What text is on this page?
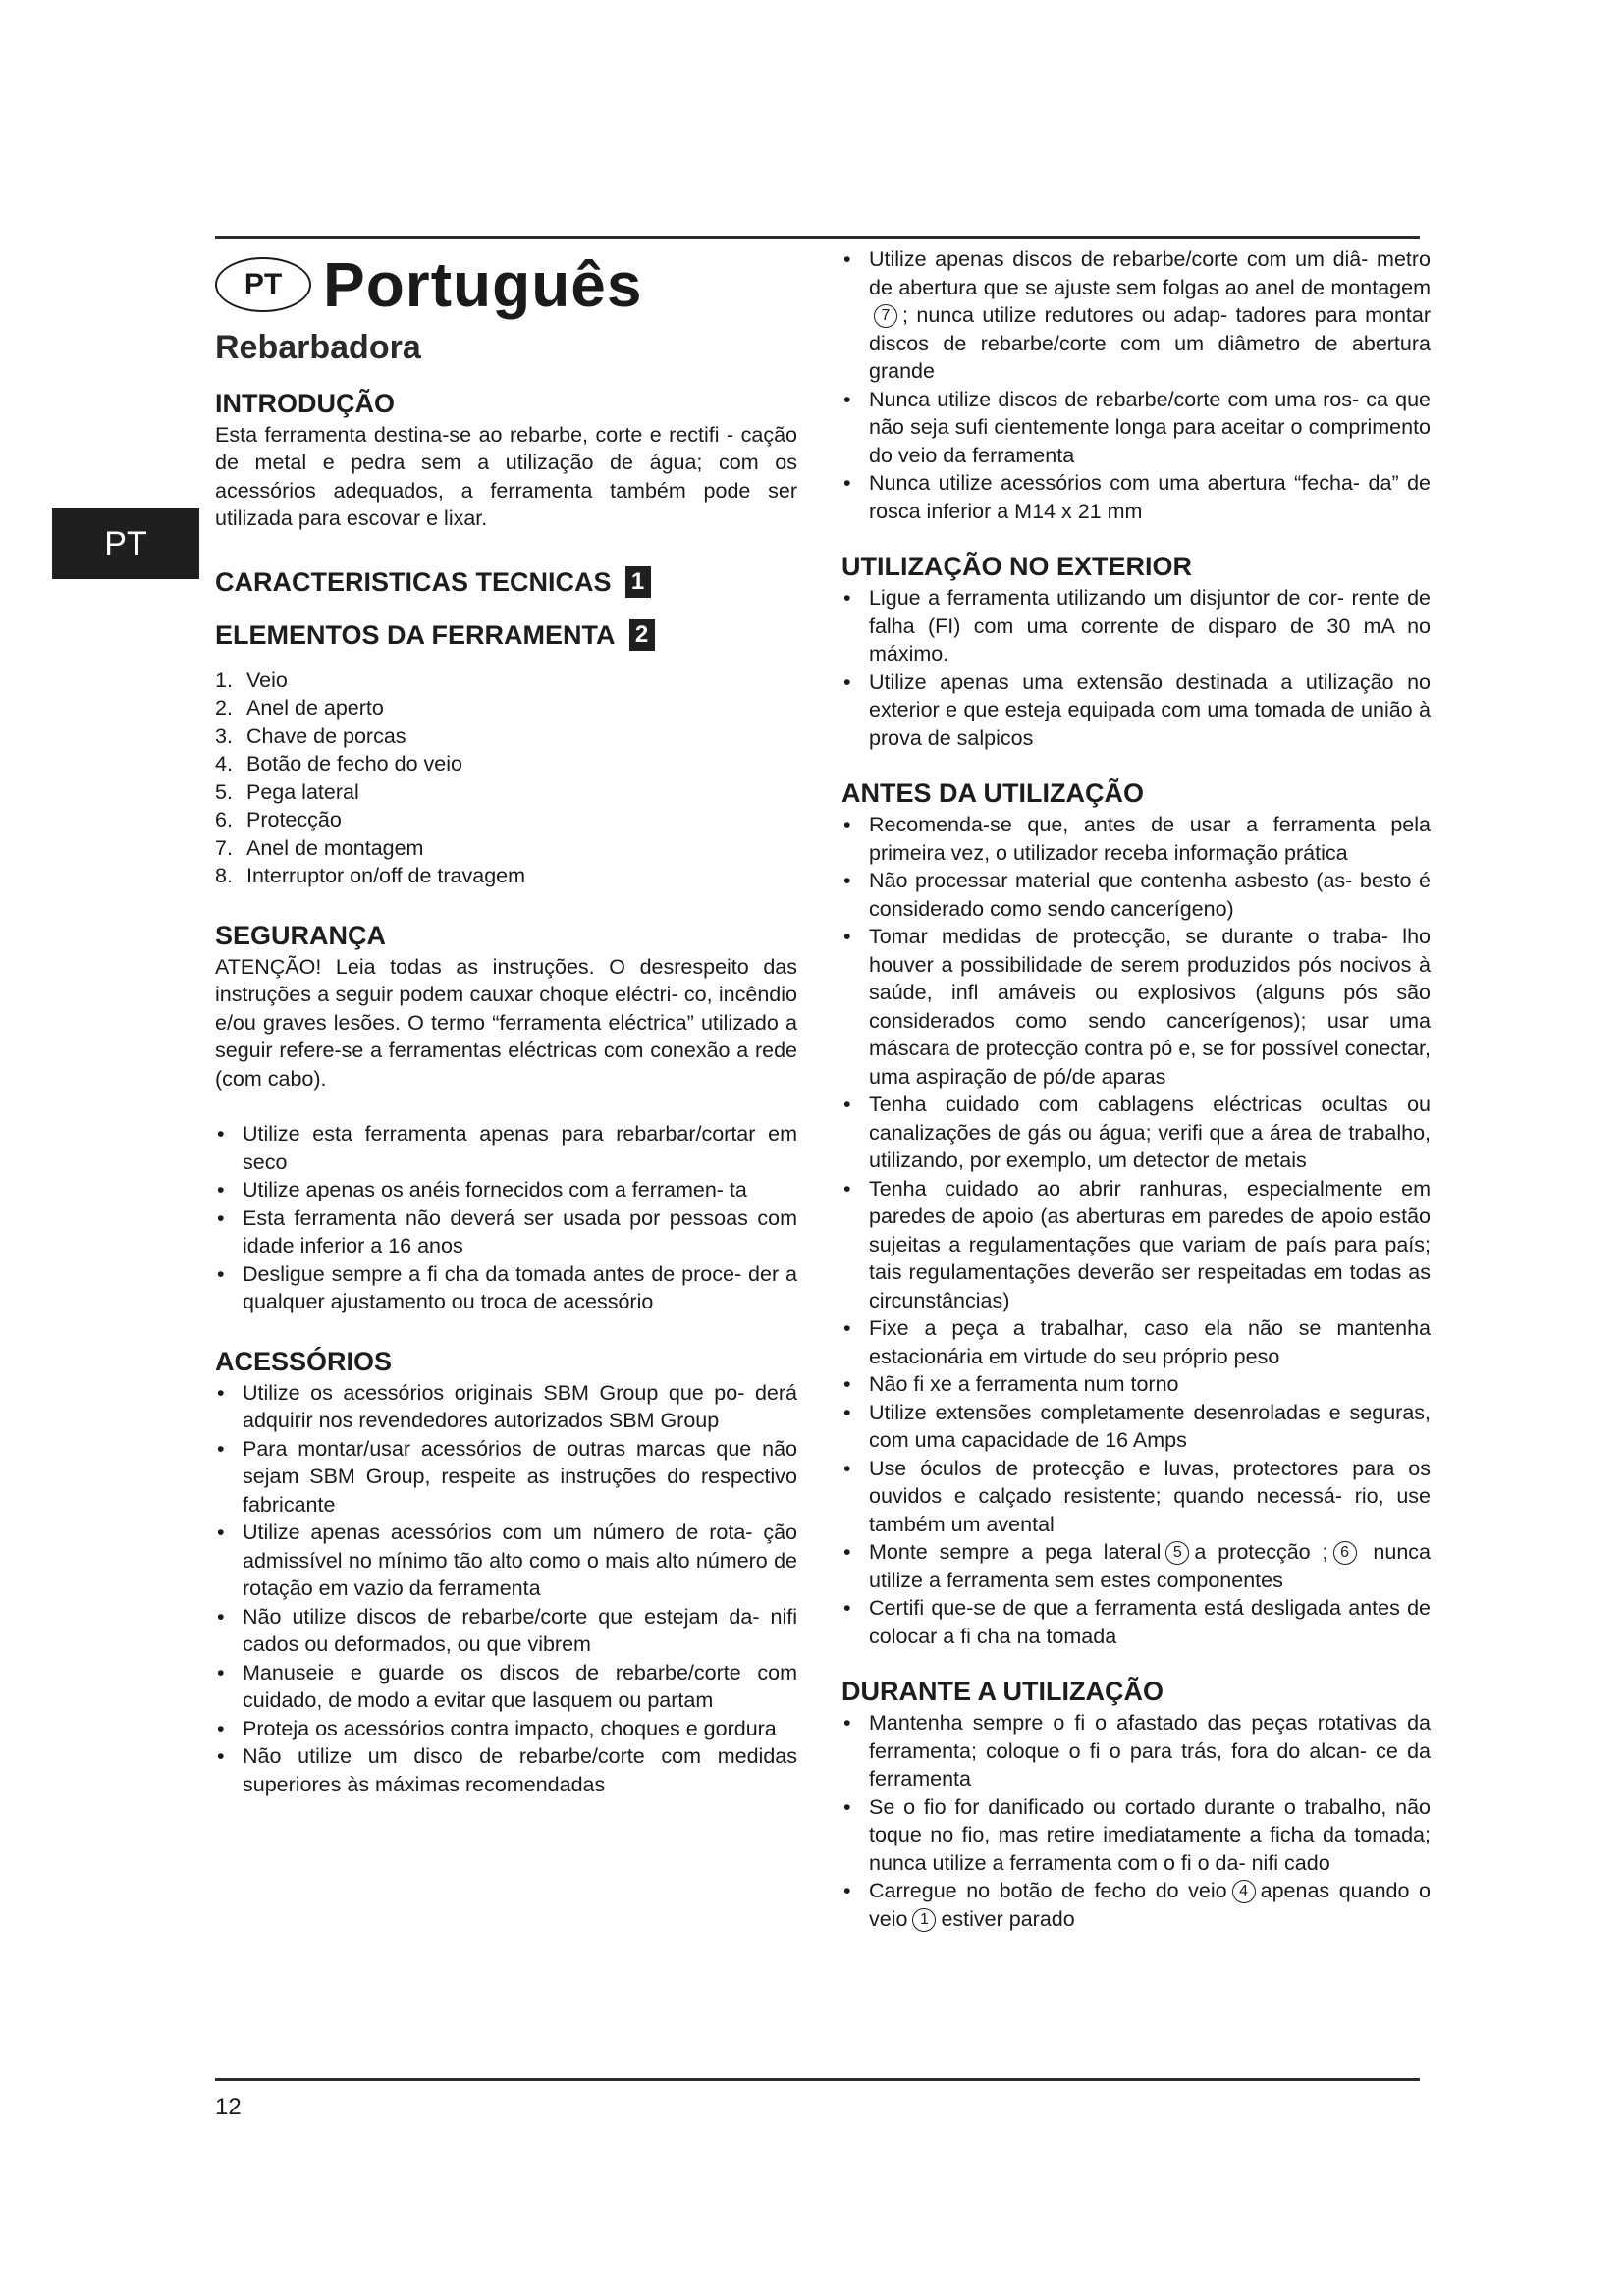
PT
PT Português
Rebarbadora
INTRODUÇÃO

Esta ferramenta destina-se ao rebarbe, corte e rectifi - cação de metal e pedra sem a utilização de água; com os acessórios adequados, a ferramenta também pode ser utilizada para escovar e lixar.

CARACTERISTICAS TECNICAS 1
ELEMENTOS DA FERRAMENTA 2
1. Veio
2. Anel de aperto
3. Chave de porcas
4. Botão de fecho do veio
5. Pega lateral
6. Protecção
7. Anel de montagem
8. Interruptor on/off de travagem
SEGURANÇA

ATENÇÃO! Leia todas as instruções. O desrespeito das instruções a seguir podem cauxar choque eléctri- co, incêndio e/ou graves lesões. O termo “ferramenta eléctrica” utilizado a seguir refere-se a ferramentas eléctricas com conexão a rede (com cabo).

• Utilize esta ferramenta apenas para rebarbar/cortar em seco
• Utilize apenas os anéis fornecidos com a ferramen- ta
• Esta ferramenta não deverá ser usada por pessoas com idade inferior a 16 anos
• Desligue sempre a fi cha da tomada antes de proce- der a qualquer ajustamento ou troca de acessório
ACESSÓRIOS
• Utilize os acessórios originais SBM Group que po- derá adquirir nos revendedores autorizados SBM Group
• Para montar/usar acessórios de outras marcas que não sejam SBM Group, respeite as instruções do respectivo fabricante
• Utilize apenas acessórios com um número de rota- ção admissível no mínimo tão alto como o mais alto número de rotação em vazio da ferramenta
• Não utilize discos de rebarbe/corte que estejam da- nifi cados ou deformados, ou que vibrem
• Manuseie e guarde os discos de rebarbe/corte com cuidado, de modo a evitar que lasquem ou partam
• Proteja os acessórios contra impacto, choques e gordura
• Não utilize um disco de rebarbe/corte com medidas superiores às máximas recomendadas
• Utilize apenas discos de rebarbe/corte com um diâ- metro de abertura que se ajuste sem folgas ao anel de montagem7 ; nunca utilize redutores ou adap- tadores para montar discos de rebarbe/corte com um diâmetro de abertura grande
• Nunca utilize discos de rebarbe/corte com uma ros- ca que não seja sufi cientemente longa para aceitar o comprimento do veio da ferramenta
• Nunca utilize acessórios com uma abertura “fecha- da” de rosca inferior a M14 x 21 mm
UTILIZAÇÃO NO EXTERIOR
• Ligue a ferramenta utilizando um disjuntor de cor- rente de falha (FI) com uma corrente de disparo de 30 mA no máximo.
• Utilize apenas uma extensão destinada a utilização no exterior e que esteja equipada com uma tomada de união à prova de salpicos
ANTES DA UTILIZAÇÃO
• Recomenda-se que, antes de usar a ferramenta pela primeira vez, o utilizador receba informação prática
• Não processar material que contenha asbesto (as- besto é considerado como sendo cancerígeno)
• Tomar medidas de protecção, se durante o traba- lho houver a possibilidade de serem produzidos pós nocivos à saúde, infl amáveis ou explosivos (alguns pós são considerados como sendo cancerígenos); usar uma máscara de protecção contra pó e, se for possível conectar, uma aspiração de pó/de aparas
• Tenha cuidado com cablagens eléctricas ocultas ou canalizações de gás ou água; verifi que a área de trabalho, utilizando, por exemplo, um detector de metais
• Tenha cuidado ao abrir ranhuras, especialmente em paredes de apoio (as aberturas em paredes de apoio estão sujeitas a regulamentações que variam de país para país; tais regulamentações deverão ser respeitadas em todas as circunstâncias)
• Fixe a peça a trabalhar, caso ela não se mantenha estacionária em virtude do seu próprio peso
• Não fi xe a ferramenta num torno
• Utilize extensões completamente desenroladas e seguras, com uma capacidade de 16 Amps
• Use óculos de protecção e luvas, protectores para os ouvidos e calçado resistente; quando necessá- rio, use também um avental
• Monte sempre a pega lateral 5 a protecção ; 6 nunca utilize a ferramenta sem estes componentes
• Certifi que-se de que a ferramenta está desligada antes de colocar a fi cha na tomada
DURANTE A UTILIZAÇÃO
• Mantenha sempre o fi o afastado das peças rotativas da ferramenta; coloque o fi o para trás, fora do alcan- ce da ferramenta
• Se o fio for danificado ou cortado durante o trabalho, não toque no fio, mas retire imediatamente a ficha da tomada; nunca utilize a ferramenta com o fi o da- nifi cado
• Carregue no botão de fecho do veio 4 apenas quando o veio 1 estiver parado
12
